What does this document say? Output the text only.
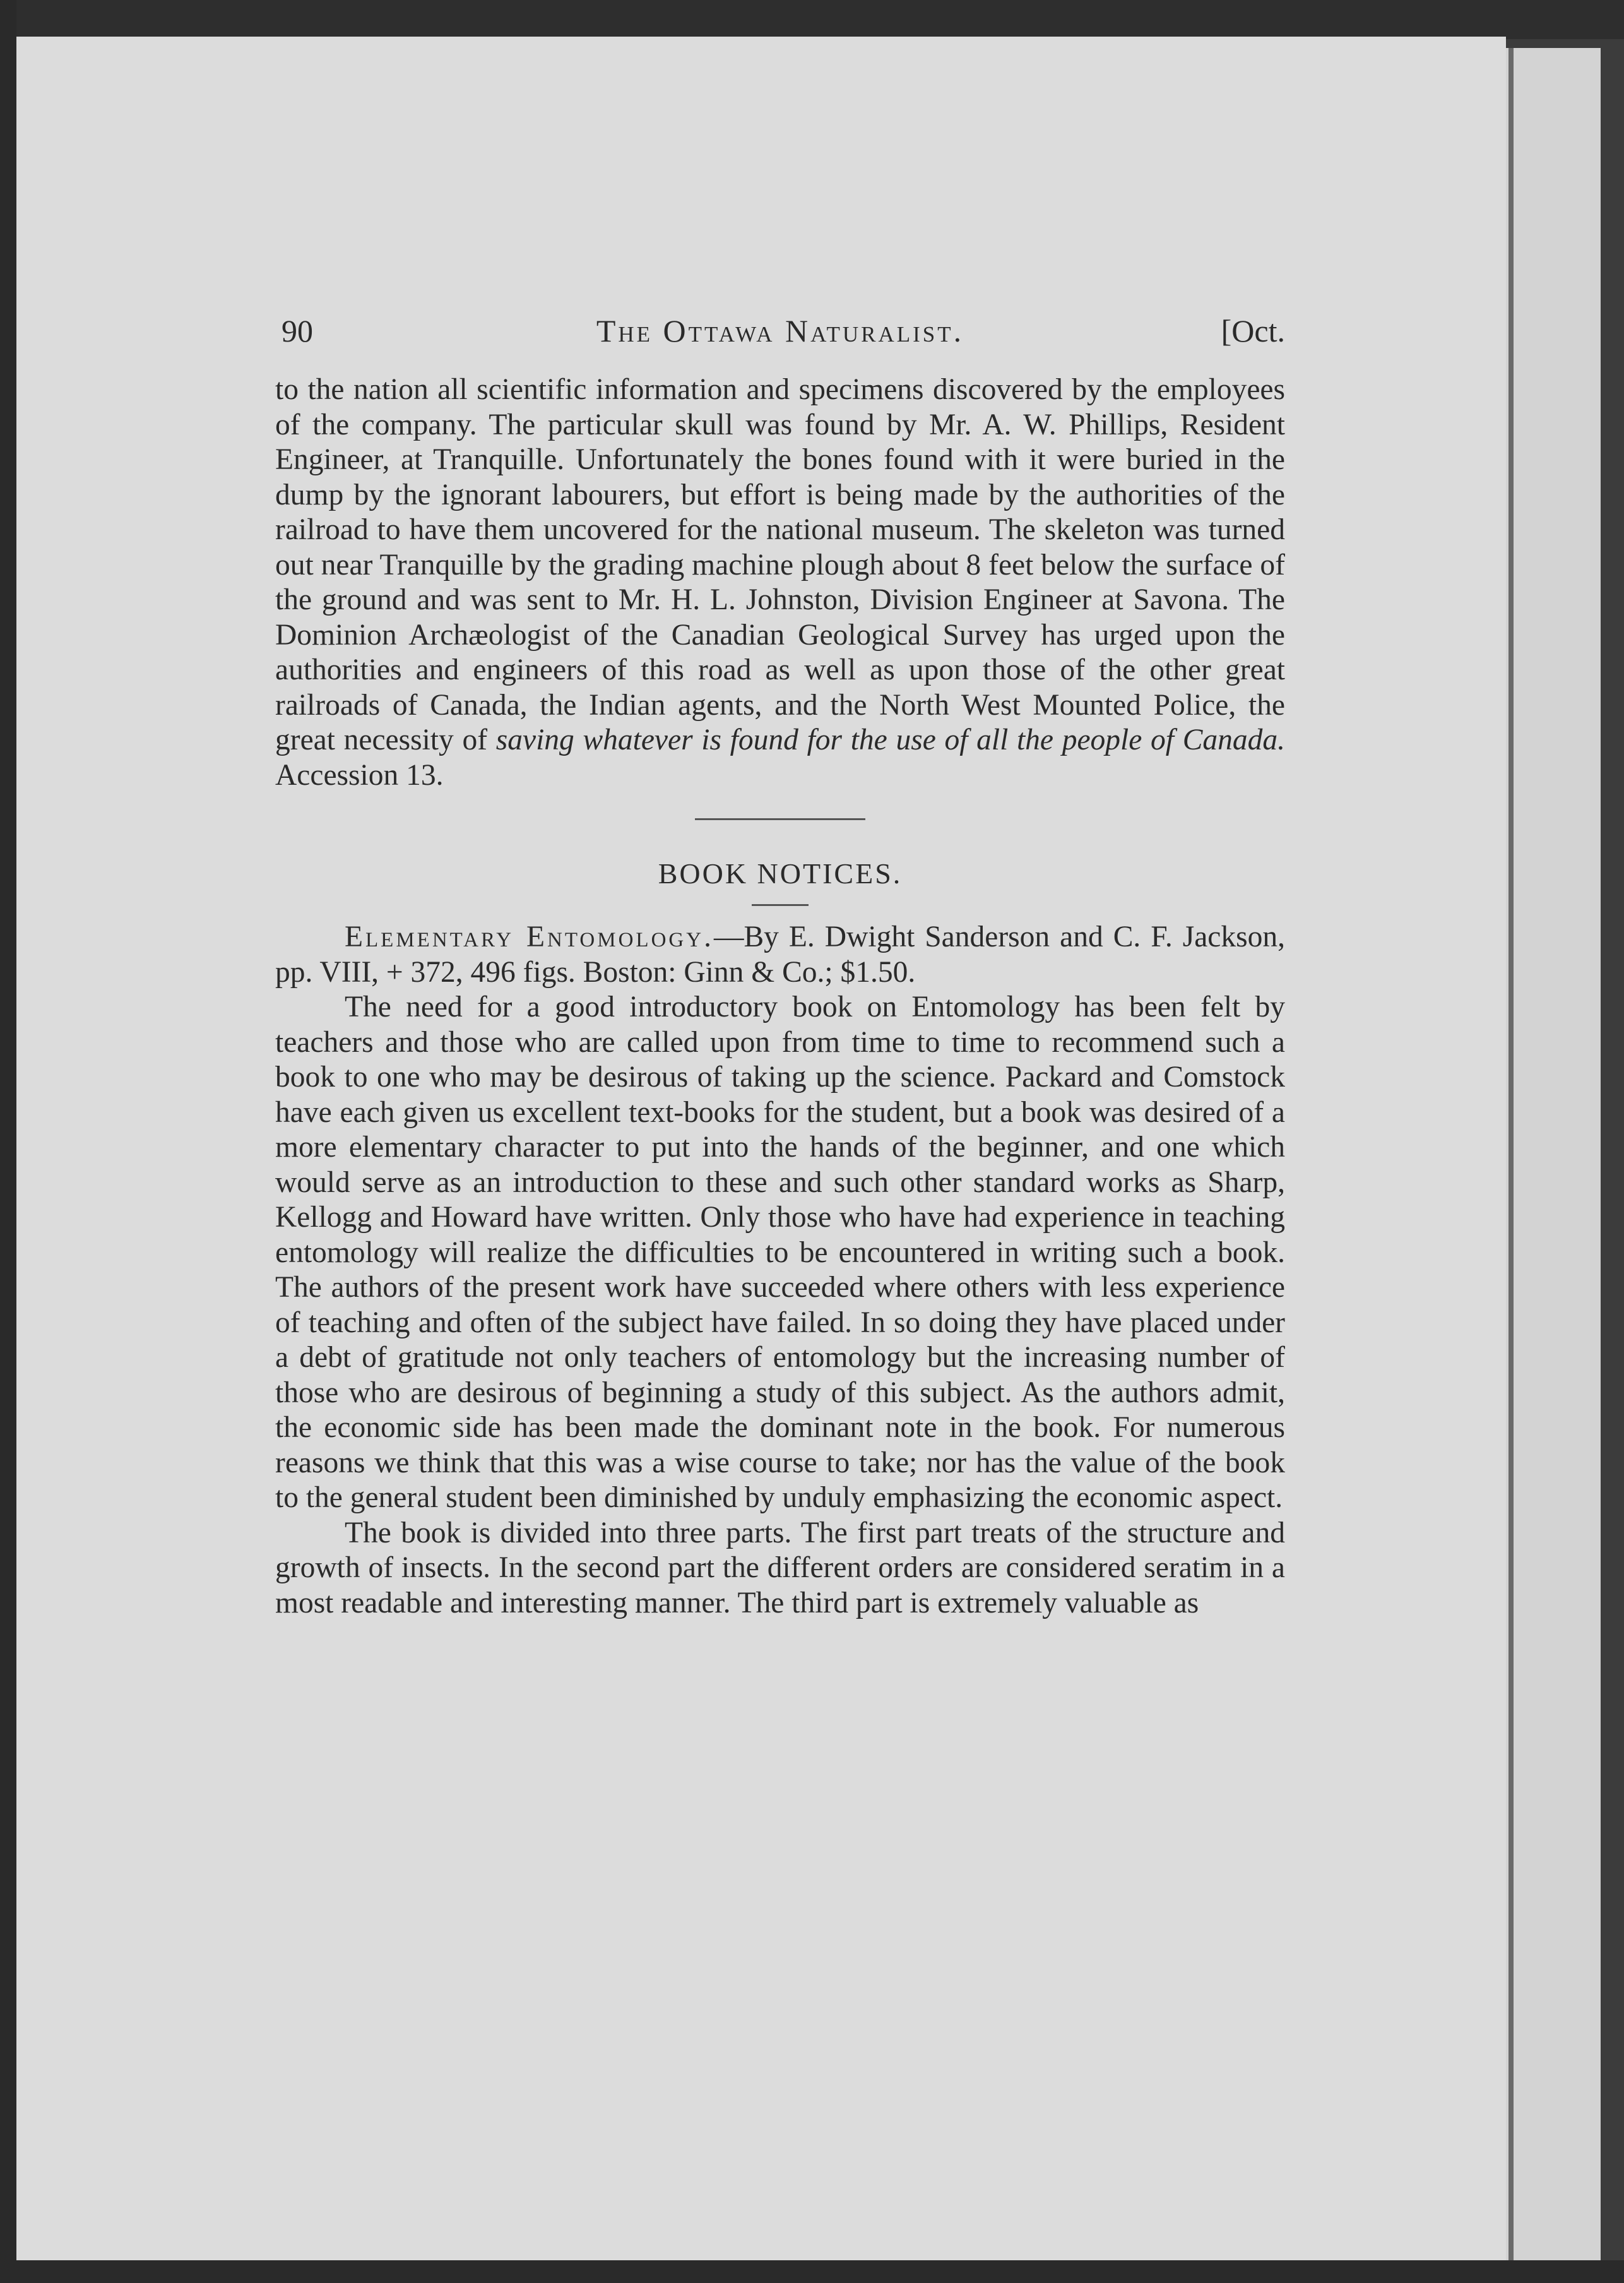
90	The Ottawa Naturalist.	[Oct.

to the nation all scientific information and specimens discovered by the employees of the company. The particular skull was found by Mr. A. W. Phillips, Resident Engineer, at Tranquille. Unfortunately the bones found with it were buried in the dump by the ignorant labourers, but effort is being made by the authorities of the railroad to have them uncovered for the national museum. The skeleton was turned out near Tranquille by the grading machine plough about 8 feet below the surface of the ground and was sent to Mr. H. L. Johnston, Division Engineer at Savona. The Dominion Archæologist of the Canadian Geological Survey has urged upon the authorities and engineers of this road as well as upon those of the other great railroads of Canada, the Indian agents, and the North West Mounted Police, the great necessity of saving whatever is found for the use of all the people of Canada. Accession 13.

BOOK NOTICES.

Elementary Entomology.—By E. Dwight Sanderson and C. F. Jackson, pp. VIII, + 372, 496 figs. Boston: Ginn & Co.; $1.50.

The need for a good introductory book on Entomology has been felt by teachers and those who are called upon from time to time to recommend such a book to one who may be desirous of taking up the science. Packard and Comstock have each given us excellent text-books for the student, but a book was desired of a more elementary character to put into the hands of the beginner, and one which would serve as an introduction to these and such other standard works as Sharp, Kellogg and Howard have written. Only those who have had experience in teaching entomology will realize the difficulties to be encountered in writing such a book. The authors of the present work have succeeded where others with less experience of teaching and often of the subject have failed. In so doing they have placed under a debt of gratitude not only teachers of entomology but the increasing number of those who are desirous of beginning a study of this subject. As the authors admit, the economic side has been made the dominant note in the book. For numerous reasons we think that this was a wise course to take; nor has the value of the book to the general student been diminished by unduly emphasizing the economic aspect.

The book is divided into three parts. The first part treats of the structure and growth of insects. In the second part the different orders are considered seratim in a most readable and interesting manner. The third part is extremely valuable as
